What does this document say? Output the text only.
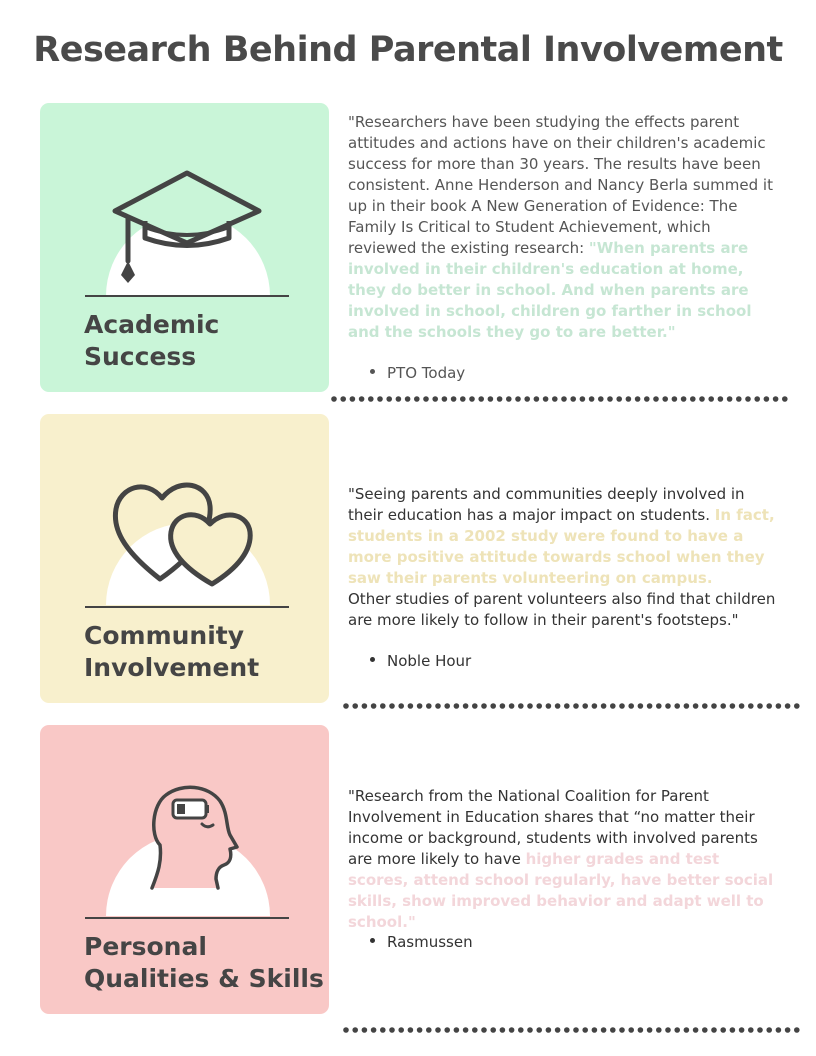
Research Behind Parental Involvement
Academic
Success
"Researchers have been studying the effects parent attitudes and actions have on their children's academic success for more than 30 years. The results have been consistent. Anne Henderson and Nancy Berla summed it up in their book A New Generation of Evidence: The Family Is Critical to Student Achievement, which reviewed the existing research: "When parents are involved in their children's education at home, they do better in school. And when parents are involved in school, children go farther in school and the schools they go to are better."
PTO Today
Community
Involvement
"Seeing parents and communities deeply involved in their education has a major impact on students. In fact, students in a 2002 study were found to have a more positive attitude towards school when they saw their parents volunteering on campus.
Other studies of parent volunteers also find that children are more likely to follow in their parent's footsteps."
Noble Hour
Personal
Qualities & Skills
"Research from the National Coalition for Parent Involvement in Education shares that “no matter their income or background, students with involved parents are more likely to have higher grades and test scores, attend school regularly, have better social skills, show improved behavior and adapt well to school."
Rasmussen
